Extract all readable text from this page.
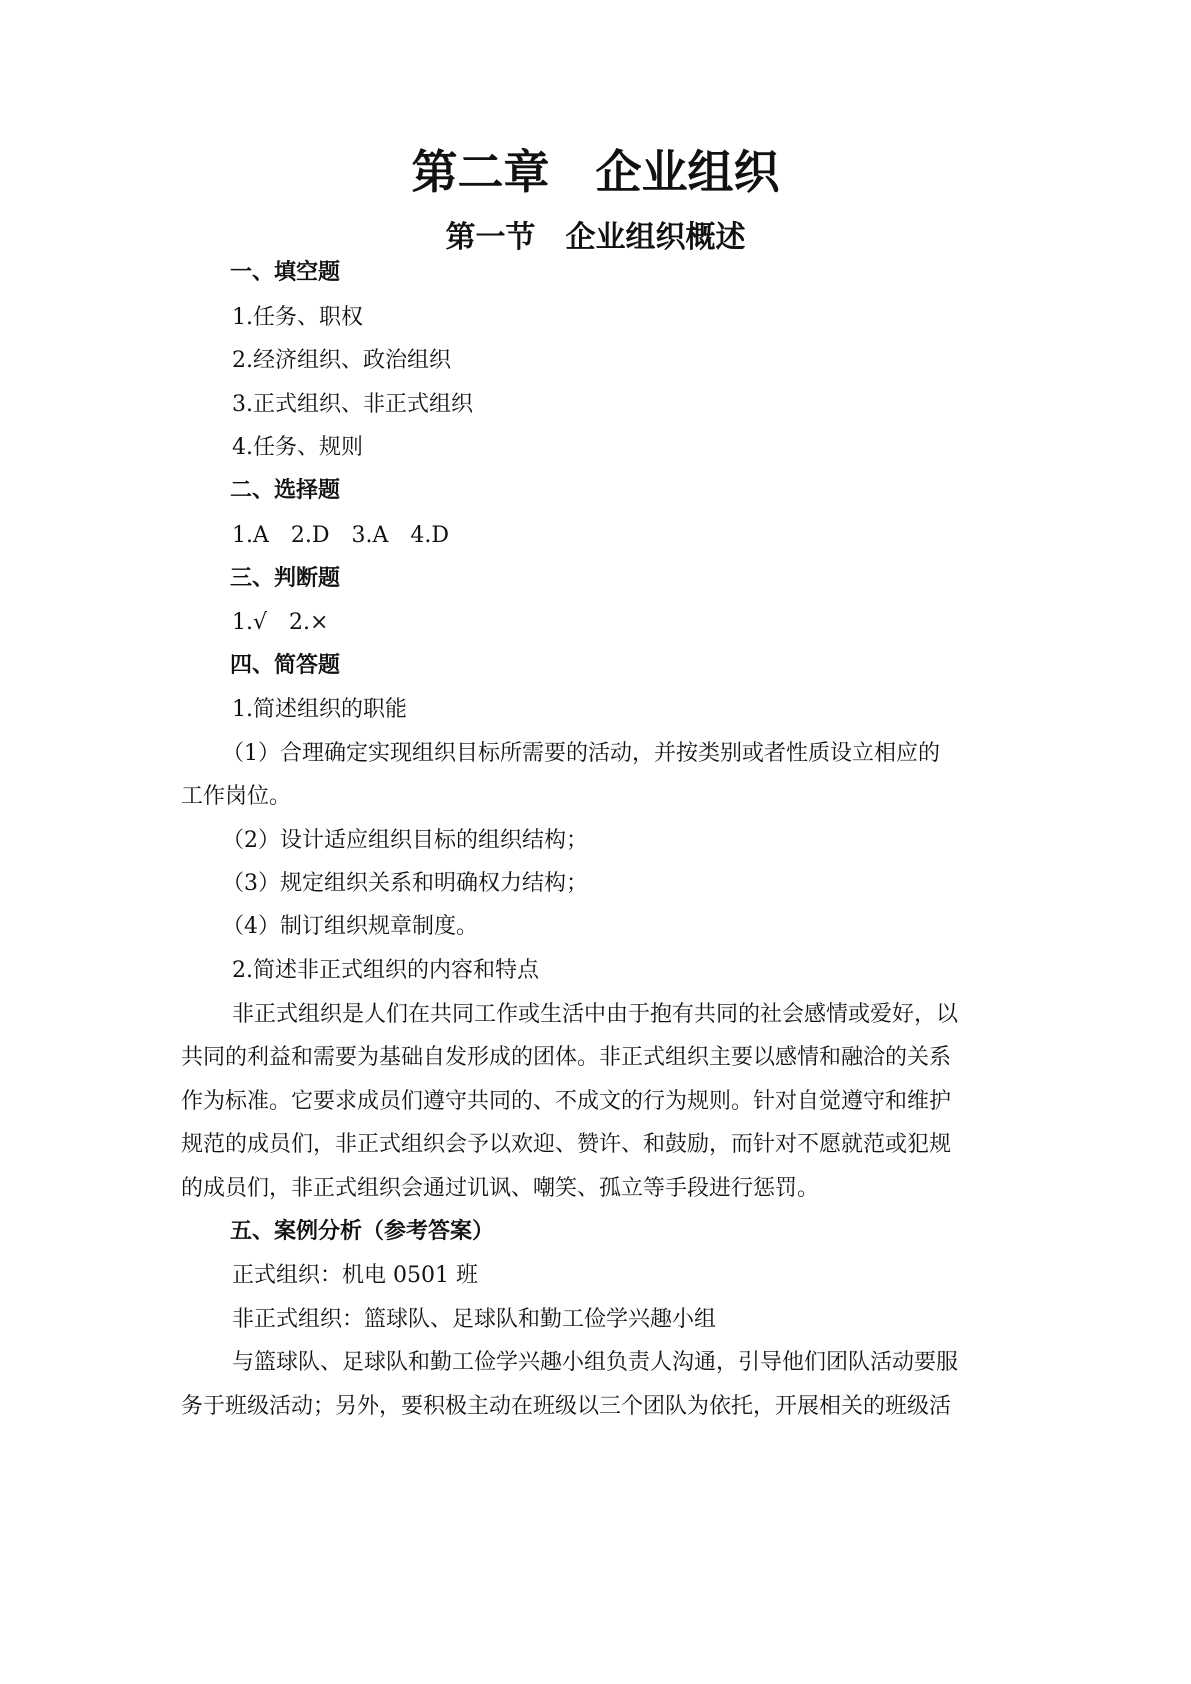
第二章　企业组织
第一节　企业组织概述
一、填空题
1.任务、职权
2.经济组织、政治组织
3.正式组织、非正式组织
4.任务、规则
二、选择题
1.A　2.D　3.A　4.D
三、判断题
1.√　2.×
四、简答题
1.简述组织的职能
（1）合理确定实现组织目标所需要的活动，并按类别或者性质设立相应的
工作岗位。
（2）设计适应组织目标的组织结构；
（3）规定组织关系和明确权力结构；
（4）制订组织规章制度。
2.简述非正式组织的内容和特点
非正式组织是人们在共同工作或生活中由于抱有共同的社会感情或爱好，以
共同的利益和需要为基础自发形成的团体。非正式组织主要以感情和融洽的关系
作为标准。它要求成员们遵守共同的、不成文的行为规则。针对自觉遵守和维护
规范的成员们，非正式组织会予以欢迎、赞许、和鼓励，而针对不愿就范或犯规
的成员们，非正式组织会通过讥讽、嘲笑、孤立等手段进行惩罚。
五、案例分析（参考答案）
正式组织：机电 0501 班
非正式组织：篮球队、足球队和勤工俭学兴趣小组
与篮球队、足球队和勤工俭学兴趣小组负责人沟通，引导他们团队活动要服
务于班级活动；另外，要积极主动在班级以三个团队为依托，开展相关的班级活
